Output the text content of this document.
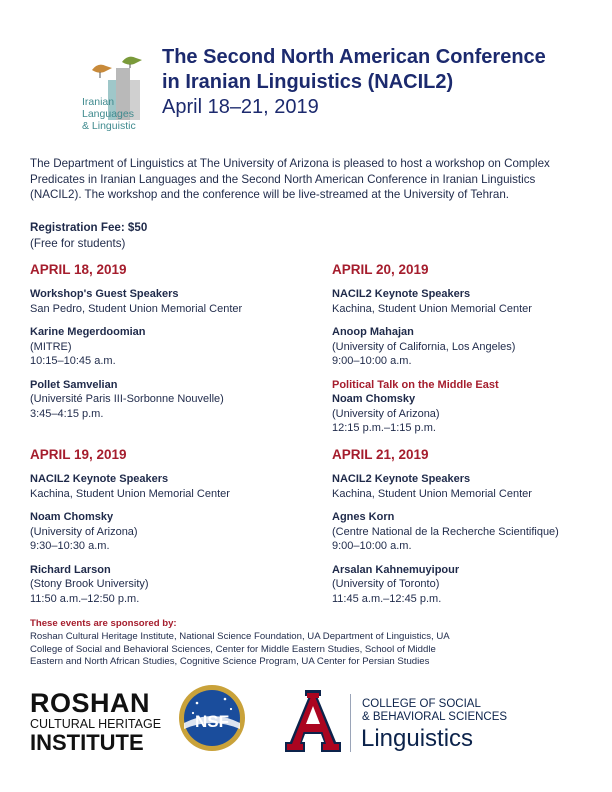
Iranian
Languages
& Linguistic
The Second North American Conference
in Iranian Linguistics (NACIL2)
April 18–21, 2019
The Department of Linguistics at The University of Arizona is pleased to host a workshop on Complex Predicates in Iranian Languages and the Second North American Conference in Iranian Linguistics (NACIL2). The workshop and the conference will be live-streamed at the University of Tehran.
Registration Fee: $50
(Free for students)
APRIL 18, 2019
Workshop's Guest Speakers
San Pedro, Student Union Memorial Center
Karine Megerdoomian
(MITRE)
10:15–10:45 a.m.
Pollet Samvelian
(Université Paris III-Sorbonne Nouvelle)
3:45–4:15 p.m.
APRIL 19, 2019
NACIL2 Keynote Speakers
Kachina, Student Union Memorial Center
Noam Chomsky
(University of Arizona)
9:30–10:30 a.m.
Richard Larson
(Stony Brook University)
11:50 a.m.–12:50 p.m.
APRIL 20, 2019
NACIL2 Keynote Speakers
Kachina, Student Union Memorial Center
Anoop Mahajan
(University of California, Los Angeles)
9:00–10:00 a.m.
Political Talk on the Middle East
Noam Chomsky
(University of Arizona)
12:15 p.m.–1:15 p.m.
APRIL 21, 2019
NACIL2 Keynote Speakers
Kachina, Student Union Memorial Center
Agnes Korn
(Centre National de la Recherche Scientifique)
9:00–10:00 a.m.
Arsalan Kahnemuyipour
(University of Toronto)
11:45 a.m.–12:45 p.m.
These events are sponsored by:
Roshan Cultural Heritage Institute, National Science Foundation, UA Department of Linguistics, UA College of Social and Behavioral Sciences, Center for Middle Eastern Studies, School of Middle Eastern and North African Studies, Cognitive Science Program, UA Center for Persian Studies
ROSHAN
CULTURAL HERITAGE
INSTITUTE
NSF
COLLEGE OF SOCIAL
& BEHAVIORAL SCIENCES
Linguistics
